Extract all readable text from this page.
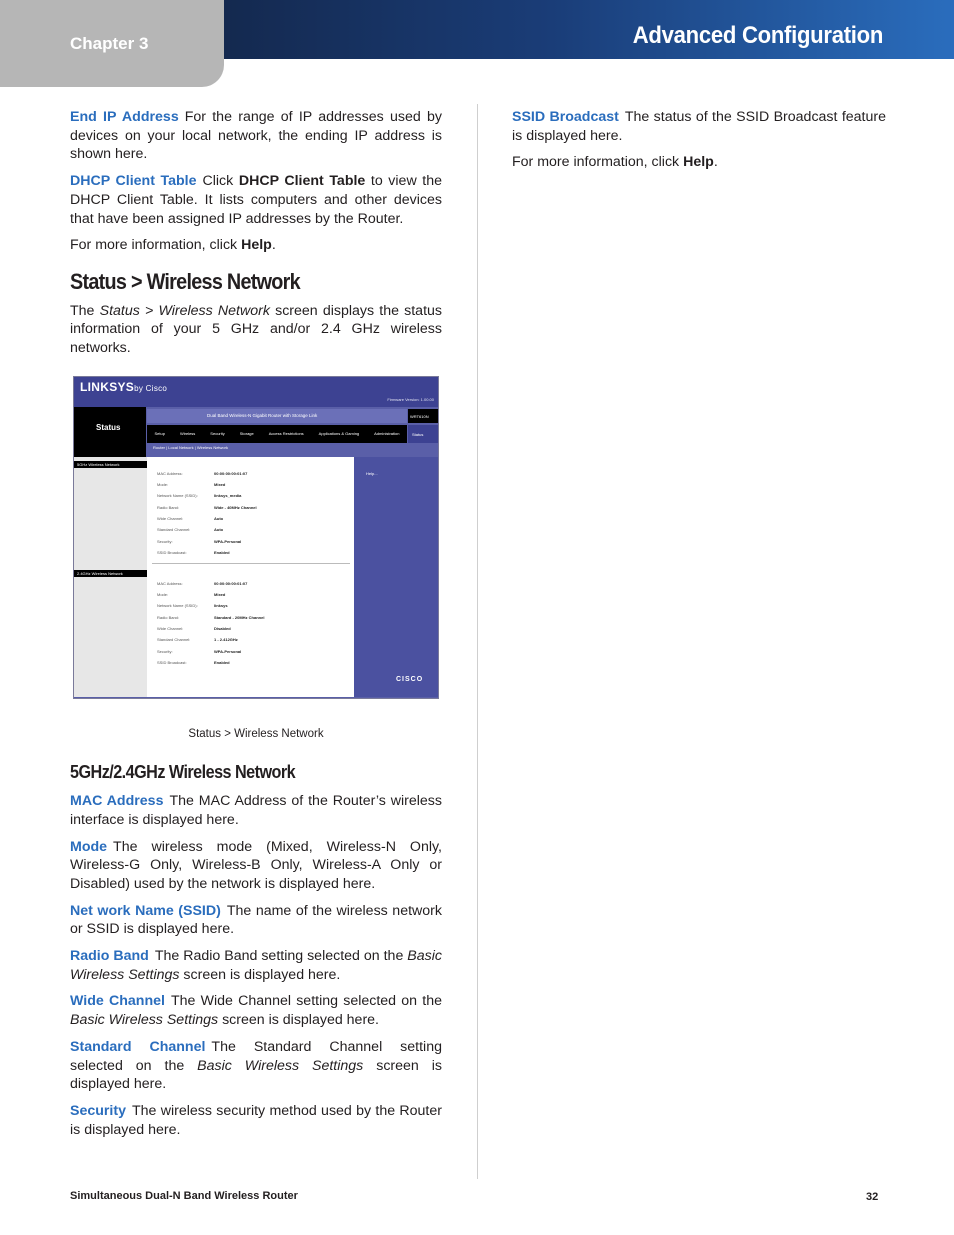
Chapter 3	Advanced Configuration

End IP Address For the range of IP addresses used by devices on your local network, the ending IP address is shown here.

DHCP Client Table Click DHCP Client Table to view the DHCP Client Table. It lists computers and other devices that have been assigned IP addresses by the Router.

For more information, click Help.

Status > Wireless Network

The Status > Wireless Network screen displays the status information of your 5 GHz and/or 2.4 GHz wireless networks.

LINKSYSby Cisco
Firmware Version: 1.00.00
Status
Dual Band Wireless-N Gigabit Router with Storage Link	WRT610N
Setup	Wireless	Security	Storage	Access Restrictions	Applications & Gaming	Administration	Status
Router | Local Network | Wireless Network
5GHz Wireless Network
MAC Address:	00:00:00:00:01:07
Mode:	Mixed
Network Name (SSID):	linksys_media
Radio Band:	Wide - 40MHz Channel
Wide Channel:	Auto
Standard Channel:	Auto
Security:	WPA-Personal
SSID Broadcast:	Enabled
2.4GHz Wireless Network
MAC Address:	00:00:00:00:01:07
Mode:	Mixed
Network Name (SSID):	linksys
Radio Band:	Standard - 20MHz Channel
Wide Channel:	Disabled
Standard Channel:	1 - 2.412GHz
Security:	WPA-Personal
SSID Broadcast:	Enabled
Help...
CISCO

Status > Wireless Network

5GHz/2.4GHz Wireless Network

MAC Address The MAC Address of the Router’s wireless interface is displayed here.

Mode The wireless mode (Mixed, Wireless-N Only, Wireless-G Only, Wireless-B Only, Wireless-A Only or Disabled) used by the network is displayed here.

Net work Name (SSID) The name of the wireless network or SSID is displayed here.

Radio Band The Radio Band setting selected on the Basic Wireless Settings screen is displayed here.

Wide Channel The Wide Channel setting selected on the Basic Wireless Settings screen is displayed here.

Standard Channel The Standard Channel setting selected on the Basic Wireless Settings screen is displayed here.

Security The wireless security method used by the Router is displayed here.

SSID Broadcast The status of the SSID Broadcast feature is displayed here.

For more information, click Help.

Simultaneous Dual-N Band Wireless Router	32
